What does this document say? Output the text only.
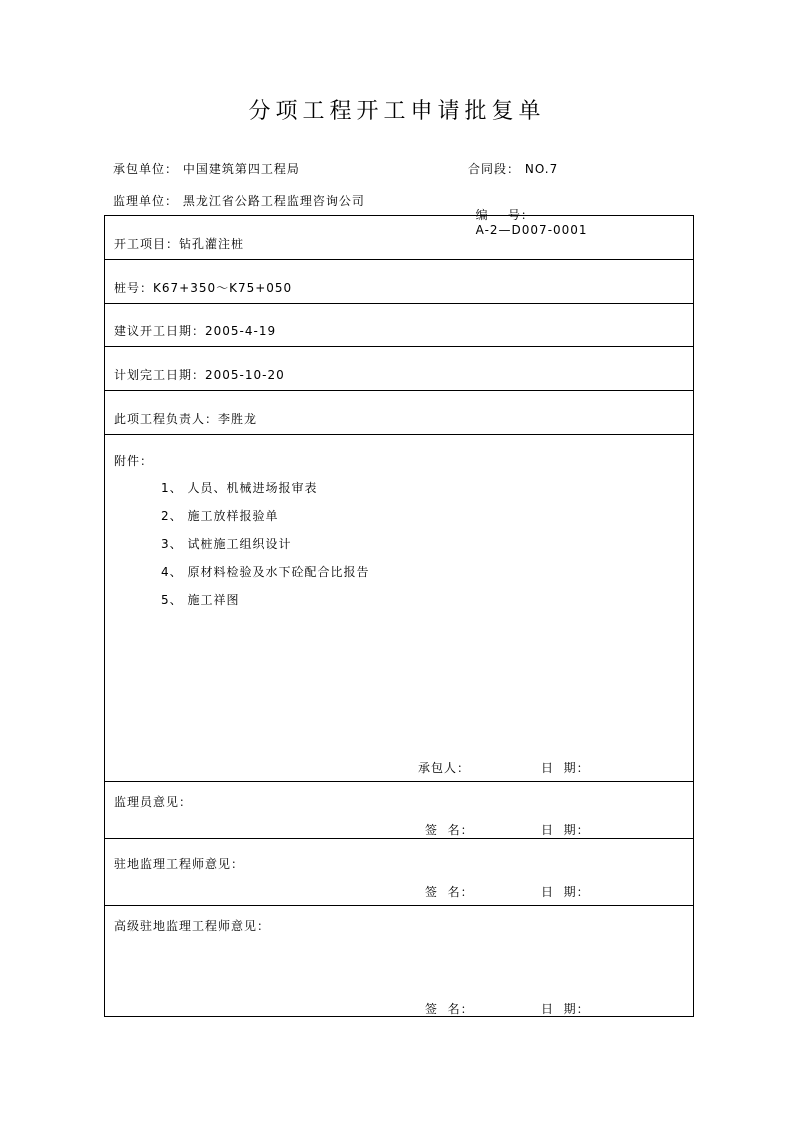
分项工程开工申请批复单
承包单位： 中国建筑第四工程局	合同段： NO.7
监理单位： 黑龙江省公路工程监理咨询公司

编    号：
A-2—D007-0001

开工项目：钻孔灌注桩
桩号：K67+350～K75+050
建议开工日期：2005-4-19
计划完工日期：2005-10-20
此项工程负责人：李胜龙
附件：
1、 人员、机械进场报审表
2、 施工放样报验单
3、 试桩施工组织设计
4、 原材料检验及水下砼配合比报告
5、 施工祥图
承包人：	日  期：
监理员意见：
签  名：	日  期：
驻地监理工程师意见：
签  名：	日  期：
高级驻地监理工程师意见：
签  名：	日  期：
